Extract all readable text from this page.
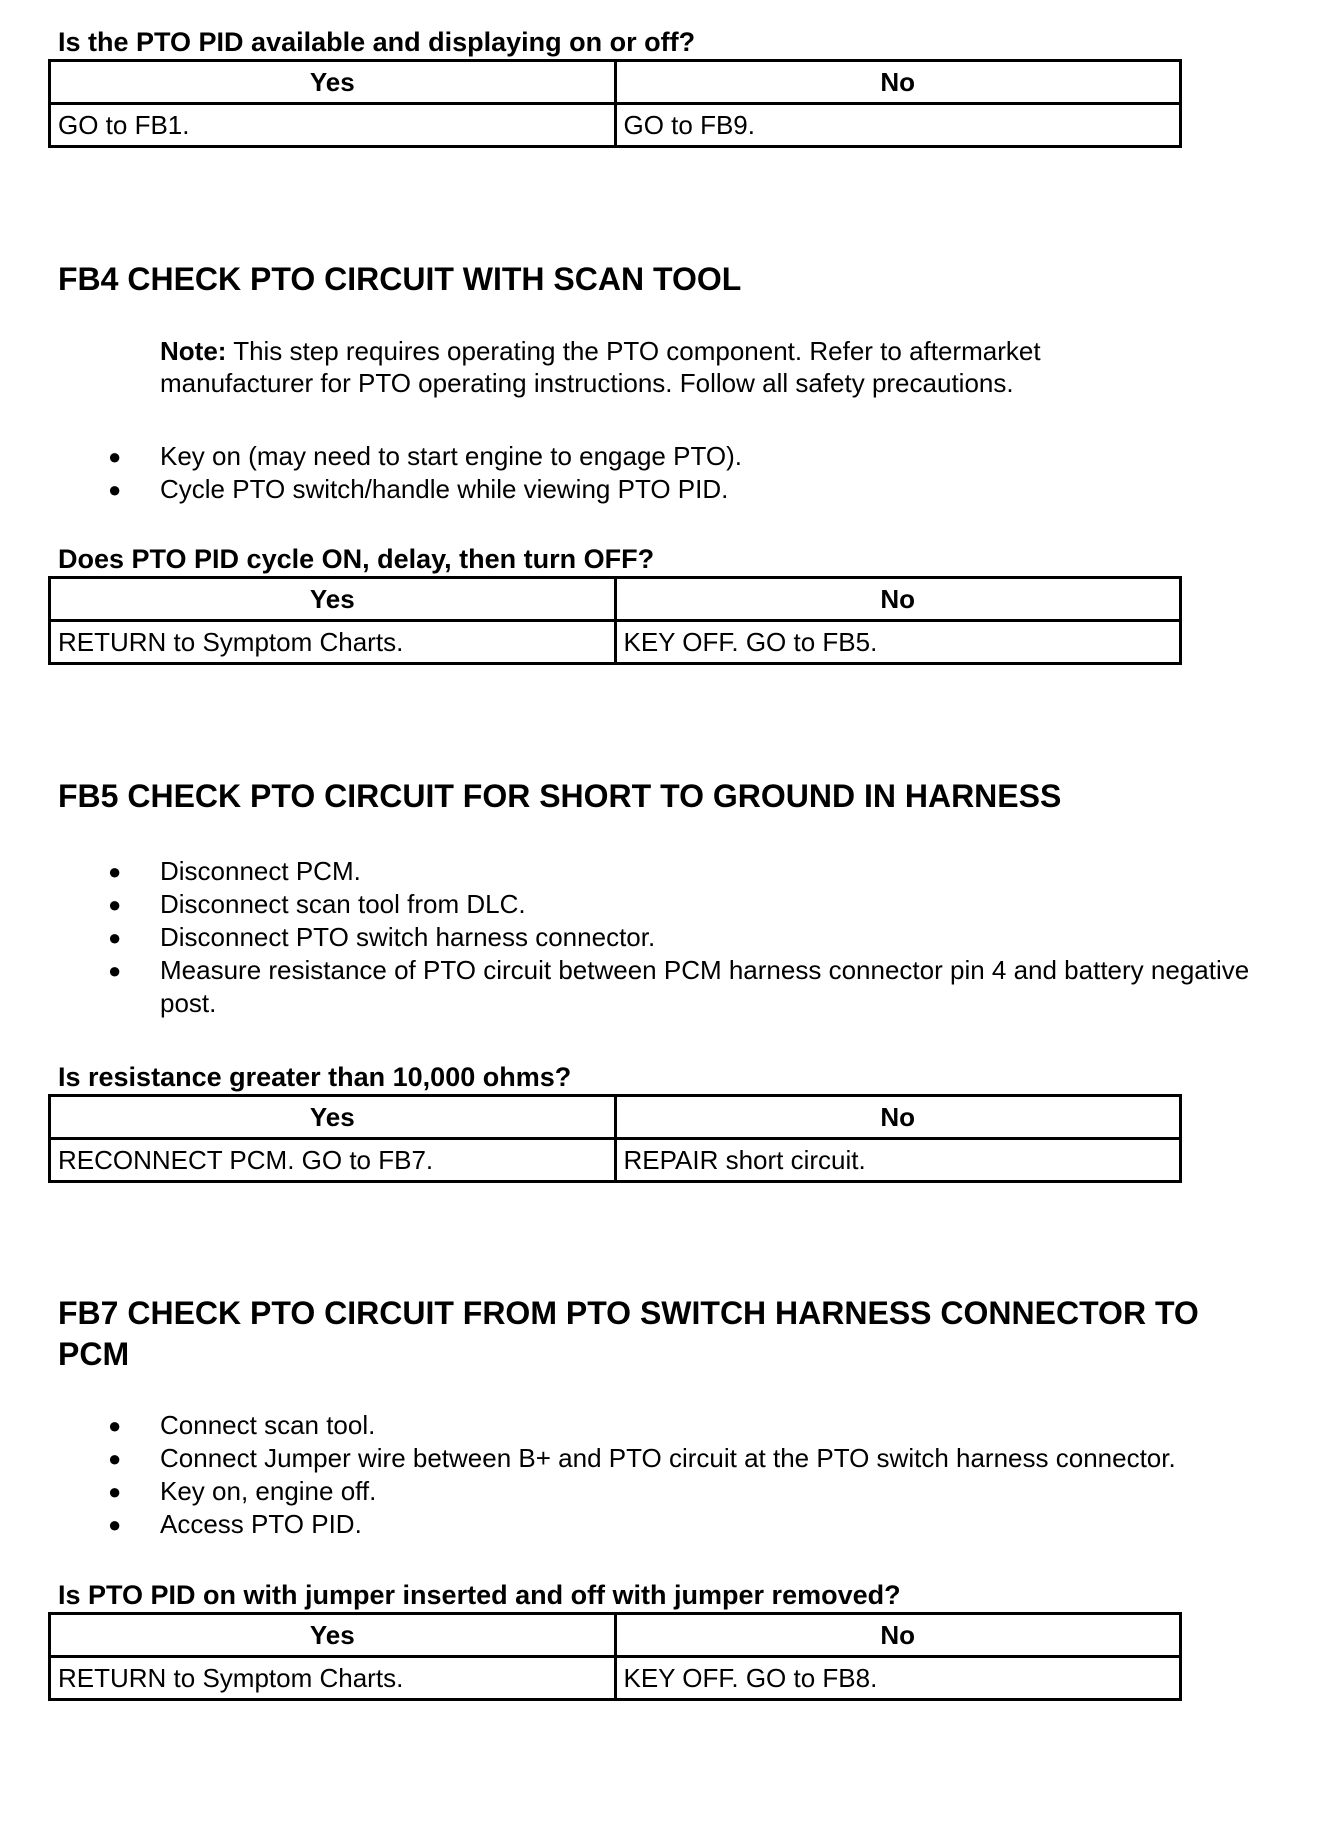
Is the PTO PID available and displaying on or off?
Yes	No
GO to FB1.	GO to FB9.
FB4 CHECK PTO CIRCUIT WITH SCAN TOOL
Note: This step requires operating the PTO component. Refer to aftermarket manufacturer for PTO operating instructions. Follow all safety precautions.
● Key on (may need to start engine to engage PTO).
● Cycle PTO switch/handle while viewing PTO PID.
Does PTO PID cycle ON, delay, then turn OFF?
Yes	No
RETURN to Symptom Charts.	KEY OFF. GO to FB5.
FB5 CHECK PTO CIRCUIT FOR SHORT TO GROUND IN HARNESS
● Disconnect PCM.
● Disconnect scan tool from DLC.
● Disconnect PTO switch harness connector.
● Measure resistance of PTO circuit between PCM harness connector pin 4 and battery negative post.
Is resistance greater than 10,000 ohms?
Yes	No
RECONNECT PCM. GO to FB7.	REPAIR short circuit.
FB7 CHECK PTO CIRCUIT FROM PTO SWITCH HARNESS CONNECTOR TO PCM
● Connect scan tool.
● Connect Jumper wire between B+ and PTO circuit at the PTO switch harness connector.
● Key on, engine off.
● Access PTO PID.
Is PTO PID on with jumper inserted and off with jumper removed?
Yes	No
RETURN to Symptom Charts.	KEY OFF. GO to FB8.
